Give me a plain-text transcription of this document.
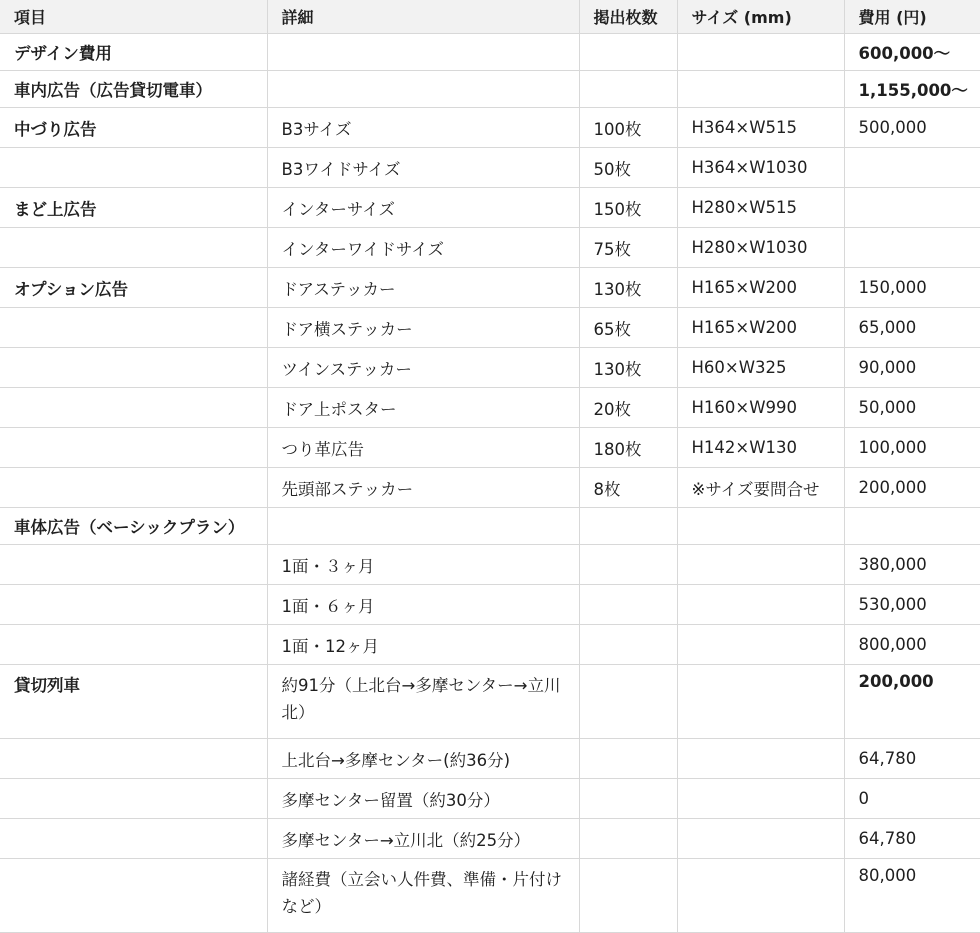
項目	詳細	掲出枚数	サイズ (mm)	費用 (円)
デザイン費用				600,000～
車内広告（広告貸切電車）				1,155,000～
中づり広告	B3サイズ	100枚	H364×W515	500,000
	B3ワイドサイズ	50枚	H364×W1030	
まど上広告	インターサイズ	150枚	H280×W515	
	インターワイドサイズ	75枚	H280×W1030	
オプション広告	ドアステッカー	130枚	H165×W200	150,000
	ドア横ステッカー	65枚	H165×W200	65,000
	ツインステッカー	130枚	H60×W325	90,000
	ドア上ポスター	20枚	H160×W990	50,000
	つり革広告	180枚	H142×W130	100,000
	先頭部ステッカー	8枚	※サイズ要問合せ	200,000
車体広告（ベーシックプラン）				
	1面・３ヶ月			380,000
	1面・６ヶ月			530,000
	1面・12ヶ月			800,000
貸切列車	約91分（上北台→多摩センター→立川北）			200,000
	上北台→多摩センター(約36分)			64,780
	多摩センター留置（約30分）			0
	多摩センター→立川北（約25分）			64,780
	諸経費（立会い人件費、準備・片付けなど）			80,000
